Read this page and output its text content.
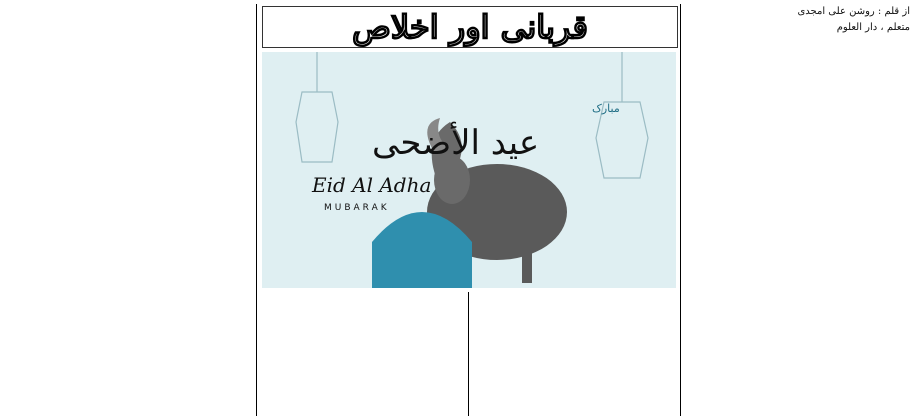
قربانی اور اخلاص
عيد الأضحى
Eid Al Adha
MUBARAK
مبارک
از قلم : روشن علی امجدی
متعلم ، دار العلوم
